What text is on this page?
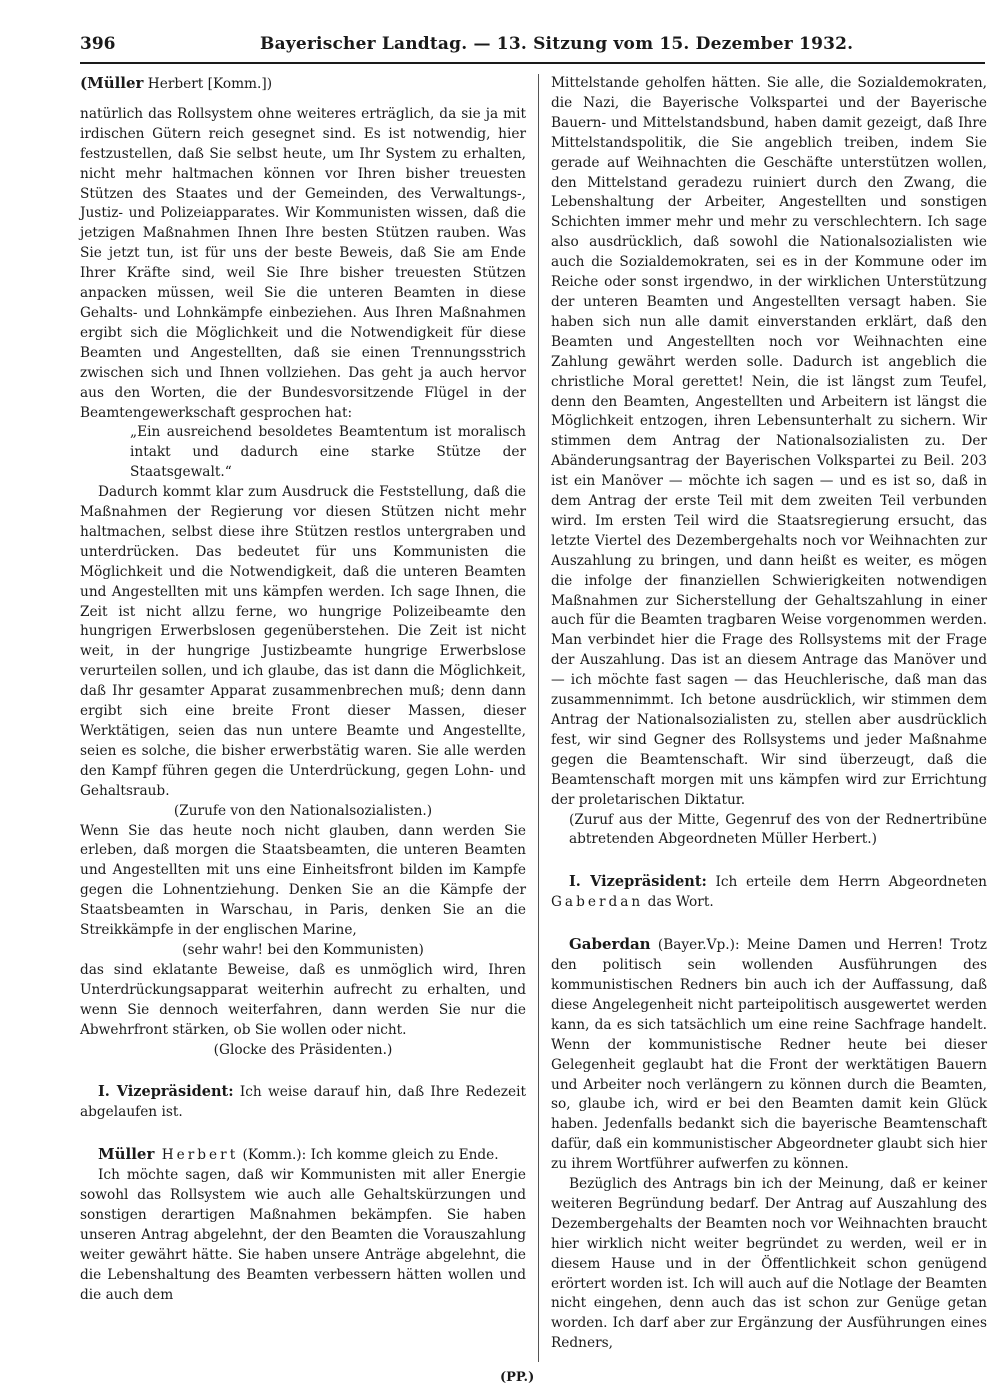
396	Bayerischer Landtag. — 13. Sitzung vom 15. Dezember 1932.

(Müller Herbert [Komm.])

natürlich das Rollsystem ohne weiteres erträglich, da sie ja mit irdischen Gütern reich gesegnet sind. Es ist notwendig, hier festzustellen, daß Sie selbst heute, um Ihr System zu erhalten, nicht mehr haltmachen können vor Ihren bisher treuesten Stützen des Staates und der Gemeinden, des Verwaltungs-, Justiz- und Polizeiapparates. Wir Kommunisten wissen, daß die jetzigen Maßnahmen Ihnen Ihre besten Stützen rauben. Was Sie jetzt tun, ist für uns der beste Beweis, daß Sie am Ende Ihrer Kräfte sind, weil Sie Ihre bisher treuesten Stützen anpacken müssen, weil Sie die unteren Beamten in diese Gehalts- und Lohnkämpfe einbeziehen. Aus Ihren Maßnahmen ergibt sich die Möglichkeit und die Notwendigkeit für diese Beamten und Angestellten, daß sie einen Trennungsstrich zwischen sich und Ihnen vollziehen. Das geht ja auch hervor aus den Worten, die der Bundesvorsitzende Flügel in der Beamtengewerkschaft gesprochen hat:

„Ein ausreichend besoldetes Beamtentum ist moralisch intakt und dadurch eine starke Stütze der Staatsgewalt.“

Dadurch kommt klar zum Ausdruck die Feststellung, daß die Maßnahmen der Regierung vor diesen Stützen nicht mehr haltmachen, selbst diese ihre Stützen restlos untergraben und unterdrücken. Das bedeutet für uns Kommunisten die Möglichkeit und die Notwendigkeit, daß die unteren Beamten und Angestellten mit uns kämpfen werden. Ich sage Ihnen, die Zeit ist nicht allzu ferne, wo hungrige Polizeibeamte den hungrigen Erwerbslosen gegenüberstehen. Die Zeit ist nicht weit, in der hungrige Justizbeamte hungrige Erwerbslose verurteilen sollen, und ich glaube, das ist dann die Möglichkeit, daß Ihr gesamter Apparat zusammenbrechen muß; denn dann ergibt sich eine breite Front dieser Massen, dieser Werktätigen, seien das nun untere Beamte und Angestellte, seien es solche, die bisher erwerbstätig waren. Sie alle werden den Kampf führen gegen die Unterdrückung, gegen Lohn- und Gehaltsraub.

(Zurufe von den Nationalsozialisten.)

Wenn Sie das heute noch nicht glauben, dann werden Sie erleben, daß morgen die Staatsbeamten, die unteren Beamten und Angestellten mit uns eine Einheitsfront bilden im Kampfe gegen die Lohnentziehung. Denken Sie an die Kämpfe der Staatsbeamten in Warschau, in Paris, denken Sie an die Streikkämpfe in der englischen Marine,

(sehr wahr! bei den Kommunisten)

das sind eklatante Beweise, daß es unmöglich wird, Ihren Unterdrückungsapparat weiterhin aufrecht zu erhalten, und wenn Sie dennoch weiterfahren, dann werden Sie nur die Abwehrfront stärken, ob Sie wollen oder nicht.

(Glocke des Präsidenten.)

I. Vizepräsident: Ich weise darauf hin, daß Ihre Redezeit abgelaufen ist.

Müller Herbert (Komm.): Ich komme gleich zu Ende.

Ich möchte sagen, daß wir Kommunisten mit aller Energie sowohl das Rollsystem wie auch alle Gehaltskürzungen und sonstigen derartigen Maßnahmen bekämpfen. Sie haben unseren Antrag abgelehnt, der den Beamten die Vorauszahlung weiter gewährt hätte. Sie haben unsere Anträge abgelehnt, die die Lebenshaltung des Beamten verbessern hätten wollen und die auch dem

Mittelstande geholfen hätten. Sie alle, die Sozialdemokraten, die Nazi, die Bayerische Volkspartei und der Bayerische Bauern- und Mittelstandsbund, haben damit gezeigt, daß Ihre Mittelstandspolitik, die Sie angeblich treiben, indem Sie gerade auf Weihnachten die Geschäfte unterstützen wollen, den Mittelstand geradezu ruiniert durch den Zwang, die Lebenshaltung der Arbeiter, Angestellten und sonstigen Schichten immer mehr und mehr zu verschlechtern. Ich sage also ausdrücklich, daß sowohl die Nationalsozialisten wie auch die Sozialdemokraten, sei es in der Kommune oder im Reiche oder sonst irgendwo, in der wirklichen Unterstützung der unteren Beamten und Angestellten versagt haben. Sie haben sich nun alle damit einverstanden erklärt, daß den Beamten und Angestellten noch vor Weihnachten eine Zahlung gewährt werden solle. Dadurch ist angeblich die christliche Moral gerettet! Nein, die ist längst zum Teufel, denn den Beamten, Angestellten und Arbeitern ist längst die Möglichkeit entzogen, ihren Lebensunterhalt zu sichern. Wir stimmen dem Antrag der Nationalsozialisten zu. Der Abänderungsantrag der Bayerischen Volkspartei zu Beil. 203 ist ein Manöver — möchte ich sagen — und es ist so, daß in dem Antrag der erste Teil mit dem zweiten Teil verbunden wird. Im ersten Teil wird die Staatsregierung ersucht, das letzte Viertel des Dezembergehalts noch vor Weihnachten zur Auszahlung zu bringen, und dann heißt es weiter, es mögen die infolge der finanziellen Schwierigkeiten notwendigen Maßnahmen zur Sicherstellung der Gehaltszahlung in einer auch für die Beamten tragbaren Weise vorgenommen werden. Man verbindet hier die Frage des Rollsystems mit der Frage der Auszahlung. Das ist an diesem Antrage das Manöver und — ich möchte fast sagen — das Heuchlerische, daß man das zusammennimmt. Ich betone ausdrücklich, wir stimmen dem Antrag der Nationalsozialisten zu, stellen aber ausdrücklich fest, wir sind Gegner des Rollsystems und jeder Maßnahme gegen die Beamtenschaft. Wir sind überzeugt, daß die Beamtenschaft morgen mit uns kämpfen wird zur Errichtung der proletarischen Diktatur.

(Zuruf aus der Mitte, Gegenruf des von der Rednertribüne abtretenden Abgeordneten Müller Herbert.)

I. Vizepräsident: Ich erteile dem Herrn Abgeordneten Gaberdan das Wort.

Gaberdan (Bayer.Vp.): Meine Damen und Herren! Trotz den politisch sein wollenden Ausführungen des kommunistischen Redners bin auch ich der Auffassung, daß diese Angelegenheit nicht parteipolitisch ausgewertet werden kann, da es sich tatsächlich um eine reine Sachfrage handelt. Wenn der kommunistische Redner heute bei dieser Gelegenheit geglaubt hat die Front der werktätigen Bauern und Arbeiter noch verlängern zu können durch die Beamten, so, glaube ich, wird er bei den Beamten damit kein Glück haben. Jedenfalls bedankt sich die bayerische Beamtenschaft dafür, daß ein kommunistischer Abgeordneter glaubt sich hier zu ihrem Wortführer aufwerfen zu können.

Bezüglich des Antrags bin ich der Meinung, daß er keiner weiteren Begründung bedarf. Der Antrag auf Auszahlung des Dezembergehalts der Beamten noch vor Weihnachten braucht hier wirklich nicht weiter begründet zu werden, weil er in diesem Hause und in der Öffentlichkeit schon genügend erörtert worden ist. Ich will auch auf die Notlage der Beamten nicht eingehen, denn auch das ist schon zur Genüge getan worden. Ich darf aber zur Ergänzung der Ausführungen eines Redners,

(PP.)
